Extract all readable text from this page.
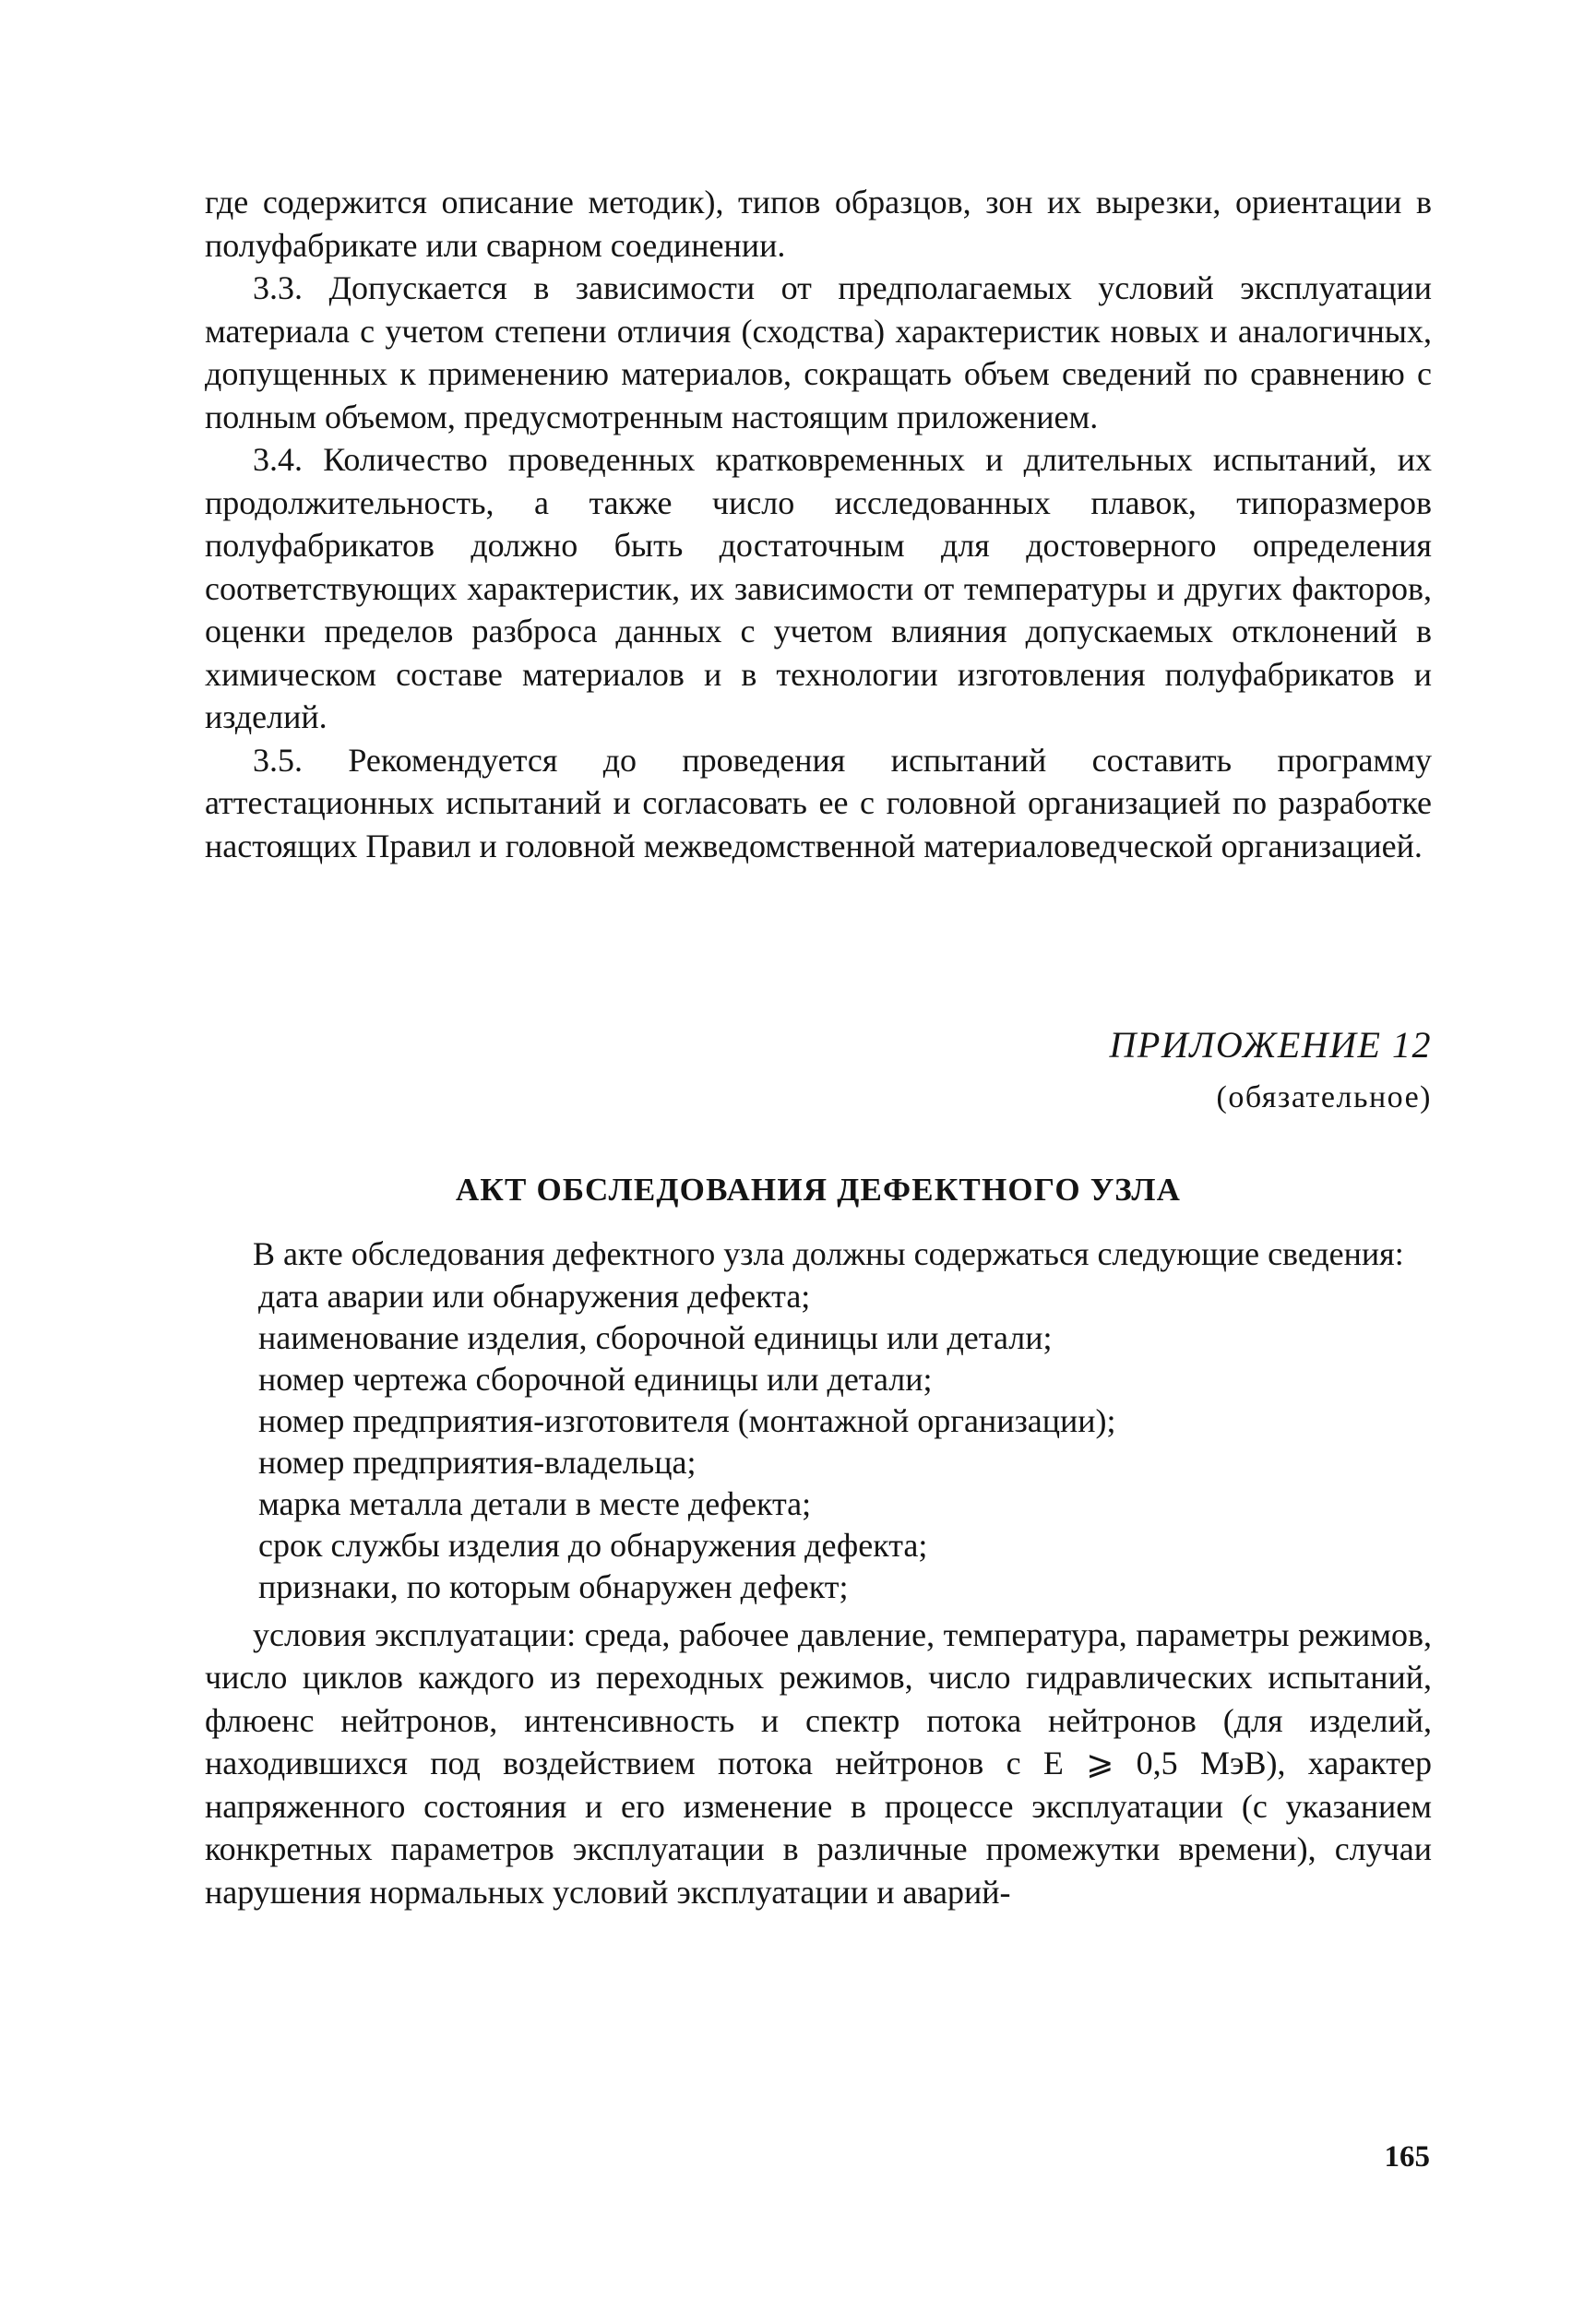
где содержится описание методик), типов образцов, зон их вырезки, ориентации в полуфабрикате или сварном соединении.

3.3. Допускается в зависимости от предполагаемых условий эксплуатации материала с учетом степени отличия (сходства) характеристик новых и аналогичных, допущенных к применению материалов, сокращать объем сведений по сравнению с полным объемом, предусмотренным настоящим приложением.

3.4. Количество проведенных кратковременных и длительных испытаний, их продолжительность, а также число исследованных плавок, типоразмеров полуфабрикатов должно быть достаточным для достоверного определения соответствующих характеристик, их зависимости от температуры и других факторов, оценки пределов разброса данных с учетом влияния допускаемых отклонений в химическом составе материалов и в технологии изготовления полуфабрикатов и изделий.

3.5. Рекомендуется до проведения испытаний составить программу аттестационных испытаний и согласовать ее с головной организацией по разработке настоящих Правил и головной межведомственной материаловедческой организацией.

ПРИЛОЖЕНИЕ 12
(обязательное)
АКТ ОБСЛЕДОВАНИЯ ДЕФЕКТНОГО УЗЛА

В акте обследования дефектного узла должны содержаться следующие сведения:

дата аварии или обнаружения дефекта;
наименование изделия, сборочной единицы или детали;
номер чертежа сборочной единицы или детали;
номер предприятия-изготовителя (монтажной организации);
номер предприятия-владельца;
марка металла детали в месте дефекта;
срок службы изделия до обнаружения дефекта;
признаки, по которым обнаружен дефект;

условия эксплуатации: среда, рабочее давление, температура, параметры режимов, число циклов каждого из переходных режимов, число гидравлических испытаний, флюенс нейтронов, интенсивность и спектр потока нейтронов (для изделий, находившихся под воздействием потока нейтронов с E ⩾ 0,5 МэВ), характер напряженного состояния и его изменение в процессе эксплуатации (с указанием конкретных параметров эксплуатации в различные промежутки времени), случаи нарушения нормальных условий эксплуатации и аварий-

165
